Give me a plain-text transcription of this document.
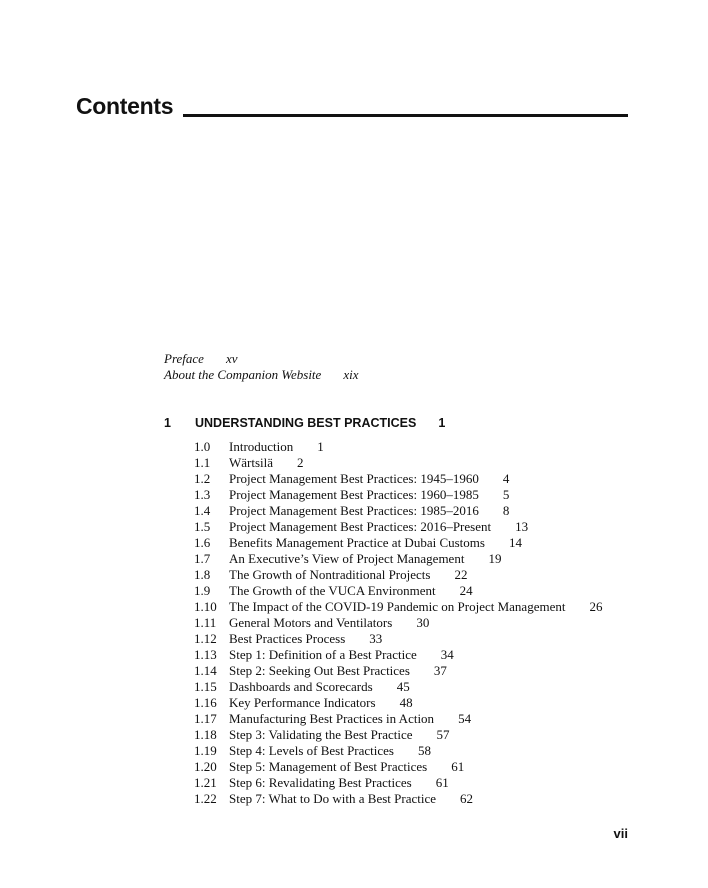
Contents
Preface xv
About the Companion Website xix
1 UNDERSTANDING BEST PRACTICES 1
1.0 Introduction 1
1.1 Wärtsilä 2
1.2 Project Management Best Practices: 1945–1960 4
1.3 Project Management Best Practices: 1960–1985 5
1.4 Project Management Best Practices: 1985–2016 8
1.5 Project Management Best Practices: 2016–Present 13
1.6 Benefits Management Practice at Dubai Customs 14
1.7 An Executive’s View of Project Management 19
1.8 The Growth of Nontraditional Projects 22
1.9 The Growth of the VUCA Environment 24
1.10 The Impact of the COVID-19 Pandemic on Project Management 26
1.11 General Motors and Ventilators 30
1.12 Best Practices Process 33
1.13 Step 1: Definition of a Best Practice 34
1.14 Step 2: Seeking Out Best Practices 37
1.15 Dashboards and Scorecards 45
1.16 Key Performance Indicators 48
1.17 Manufacturing Best Practices in Action 54
1.18 Step 3: Validating the Best Practice 57
1.19 Step 4: Levels of Best Practices 58
1.20 Step 5: Management of Best Practices 61
1.21 Step 6: Revalidating Best Practices 61
1.22 Step 7: What to Do with a Best Practice 62
vii
